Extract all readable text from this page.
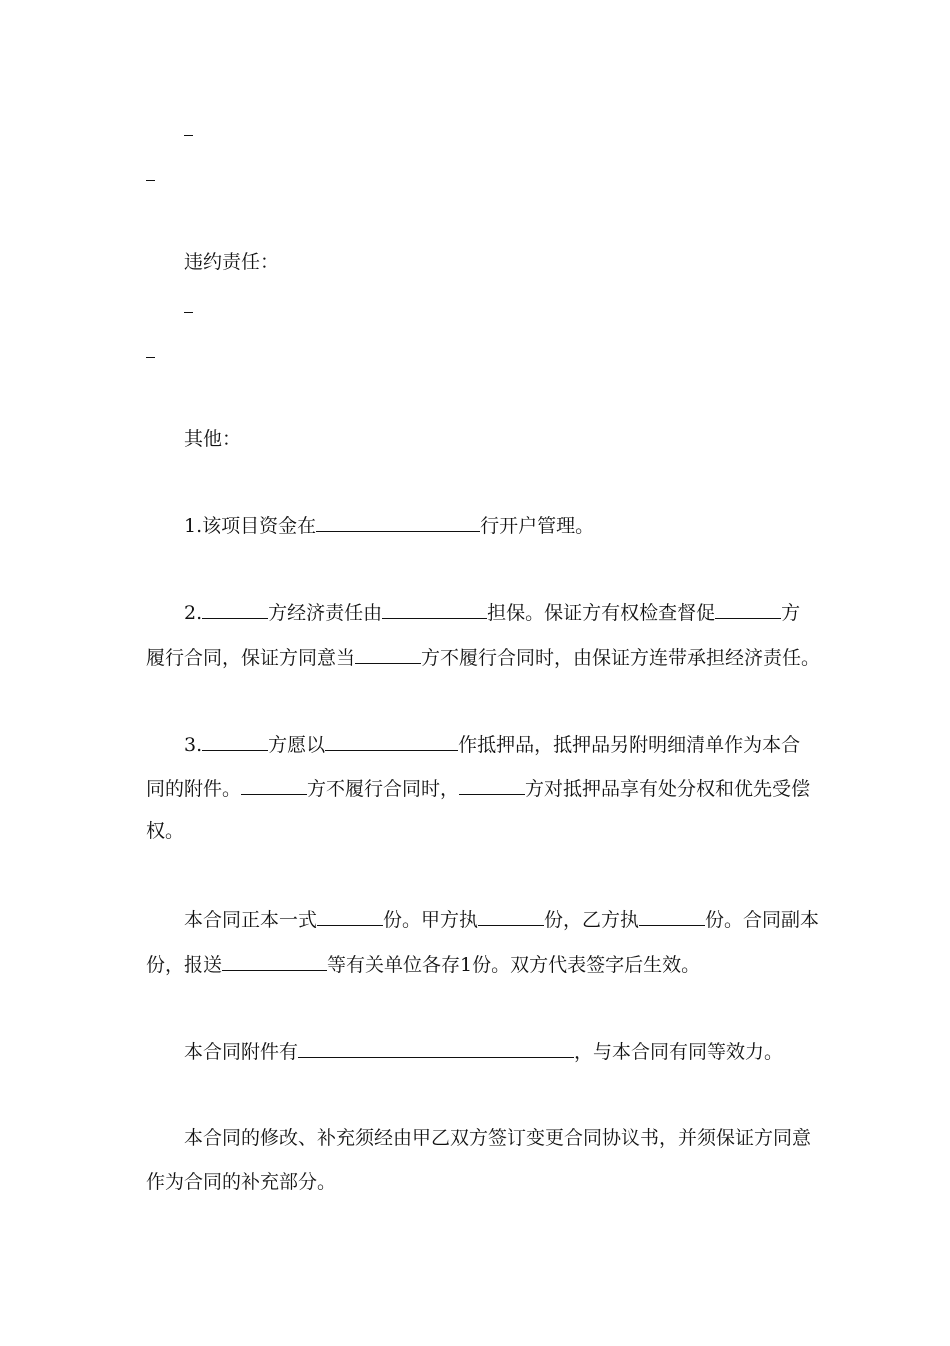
违约责任：
其他：
1.该项目资金在	行开户管理。
2.	方经济责任由	担保。保证方有权检查督促	方
履行合同，保证方同意当	方不履行合同时，由保证方连带承担经济责任。
3.	方愿以	作抵押品，抵押品另附明细清单作为本合
同的附件。	方不履行合同时，	方对抵押品享有处分权和优先受偿
权。
本合同正本一式	份。甲方执	份，乙方执	份。合同副本
份，报送	等有关单位各存1份。双方代表签字后生效。
本合同附件有	，与本合同有同等效力。
本合同的修改、补充须经由甲乙双方签订变更合同协议书，并须保证方同意
作为合同的补充部分。
